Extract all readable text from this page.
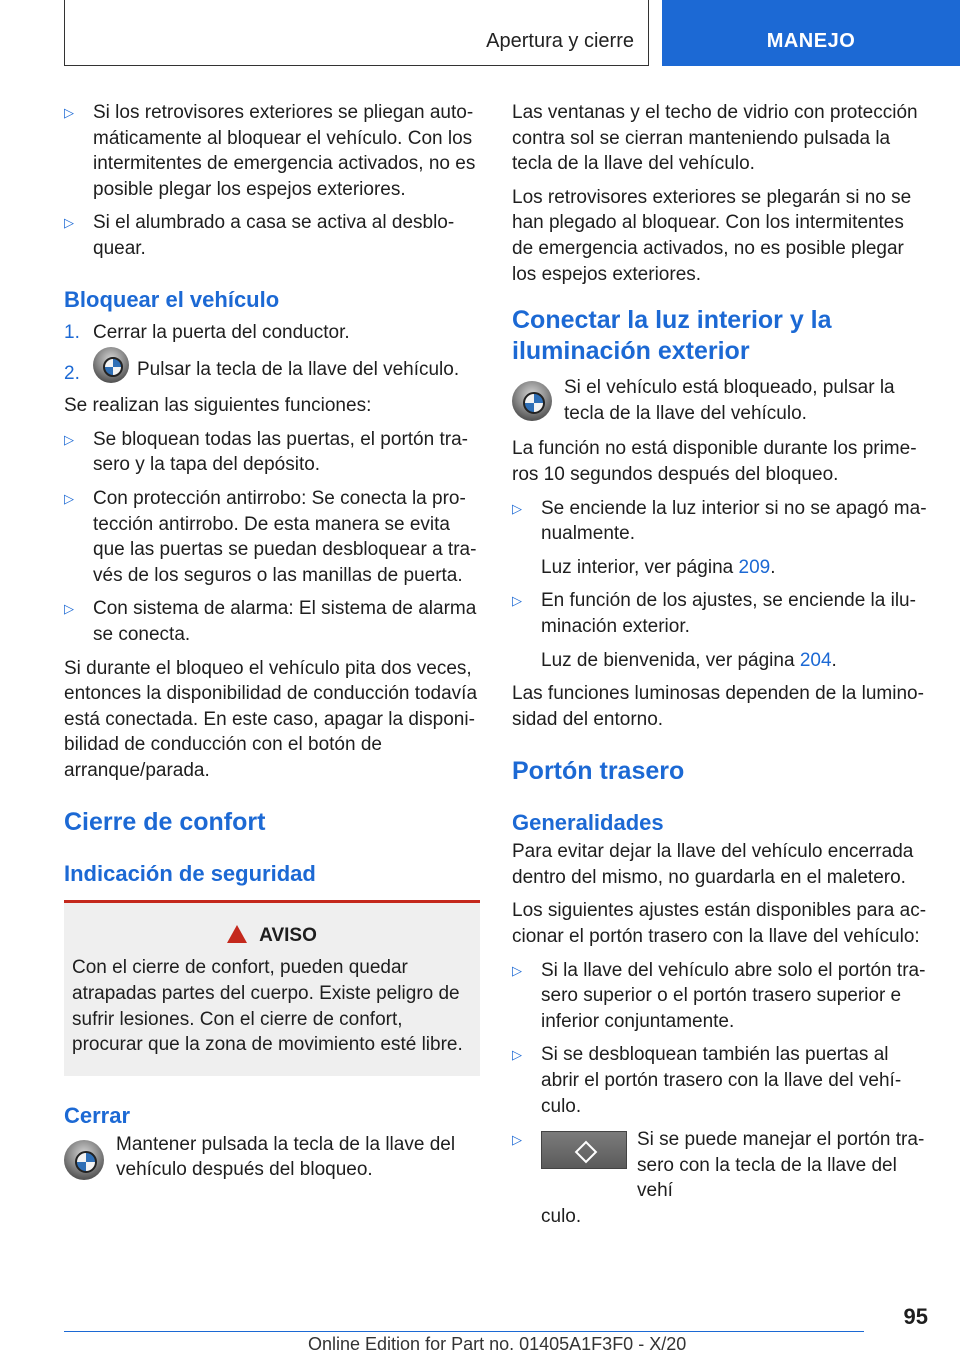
Apertura y cierre	MANEJO
▷ Si los retrovisores exteriores se pliegan automáticamente al bloquear el vehículo. Con los intermitentes de emergencia activados, no es posible plegar los espejos exteriores.
▷ Si el alumbrado a casa se activa al desbloquear.
Bloquear el vehículo
1. Cerrar la puerta del conductor.
2.	Pulsar la tecla de la llave del vehículo.

Se realizan las siguientes funciones:

▷ Se bloquean todas las puertas, el portón trasero y la tapa del depósito.
▷ Con protección antirrobo: Se conecta la protección antirrobo. De esta manera se evita que las puertas se puedan desbloquear a través de los seguros o las manillas de puerta.
▷ Con sistema de alarma: El sistema de alarma se conecta.

Si durante el bloqueo el vehículo pita dos veces, entonces la disponibilidad de conducción todavía está conectada. En este caso, apagar la disponibilidad de conducción con el botón de arranque/parada.

Cierre de confort
Indicación de seguridad
AVISO
Con el cierre de confort, pueden quedar atrapadas partes del cuerpo. Existe peligro de sufrir lesiones. Con el cierre de confort, procurar que la zona de movimiento esté libre.
Cerrar

Mantener pulsada la tecla de la llave del vehículo después del bloqueo.

Las ventanas y el techo de vidrio con protección contra sol se cierran manteniendo pulsada la tecla de la llave del vehículo.

Los retrovisores exteriores se plegarán si no se han plegado al bloquear. Con los intermitentes de emergencia activados, no es posible plegar los espejos exteriores.

Conectar la luz interior y la iluminación exterior

Si el vehículo está bloqueado, pulsar la tecla de la llave del vehículo.

La función no está disponible durante los primeros 10 segundos después del bloqueo.

▷ Se enciende la luz interior si no se apagó manualmente.
Luz interior, ver página 209.
▷ En función de los ajustes, se enciende la iluminación exterior.
Luz de bienvenida, ver página 204.

Las funciones luminosas dependen de la luminosidad del entorno.

Portón trasero
Generalidades

Para evitar dejar la llave del vehículo encerrada dentro del mismo, no guardarla en el maletero.

Los siguientes ajustes están disponibles para accionar el portón trasero con la llave del vehículo:

▷ Si la llave del vehículo abre solo el portón trasero superior o el portón trasero superior e inferior conjuntamente.
▷ Si se desbloquean también las puertas al abrir el portón trasero con la llave del vehículo.
▷	Si se puede manejar el portón trasero con la tecla de la llave del vehí
culo.
95
Online Edition for Part no. 01405A1F3F0 - X/20
